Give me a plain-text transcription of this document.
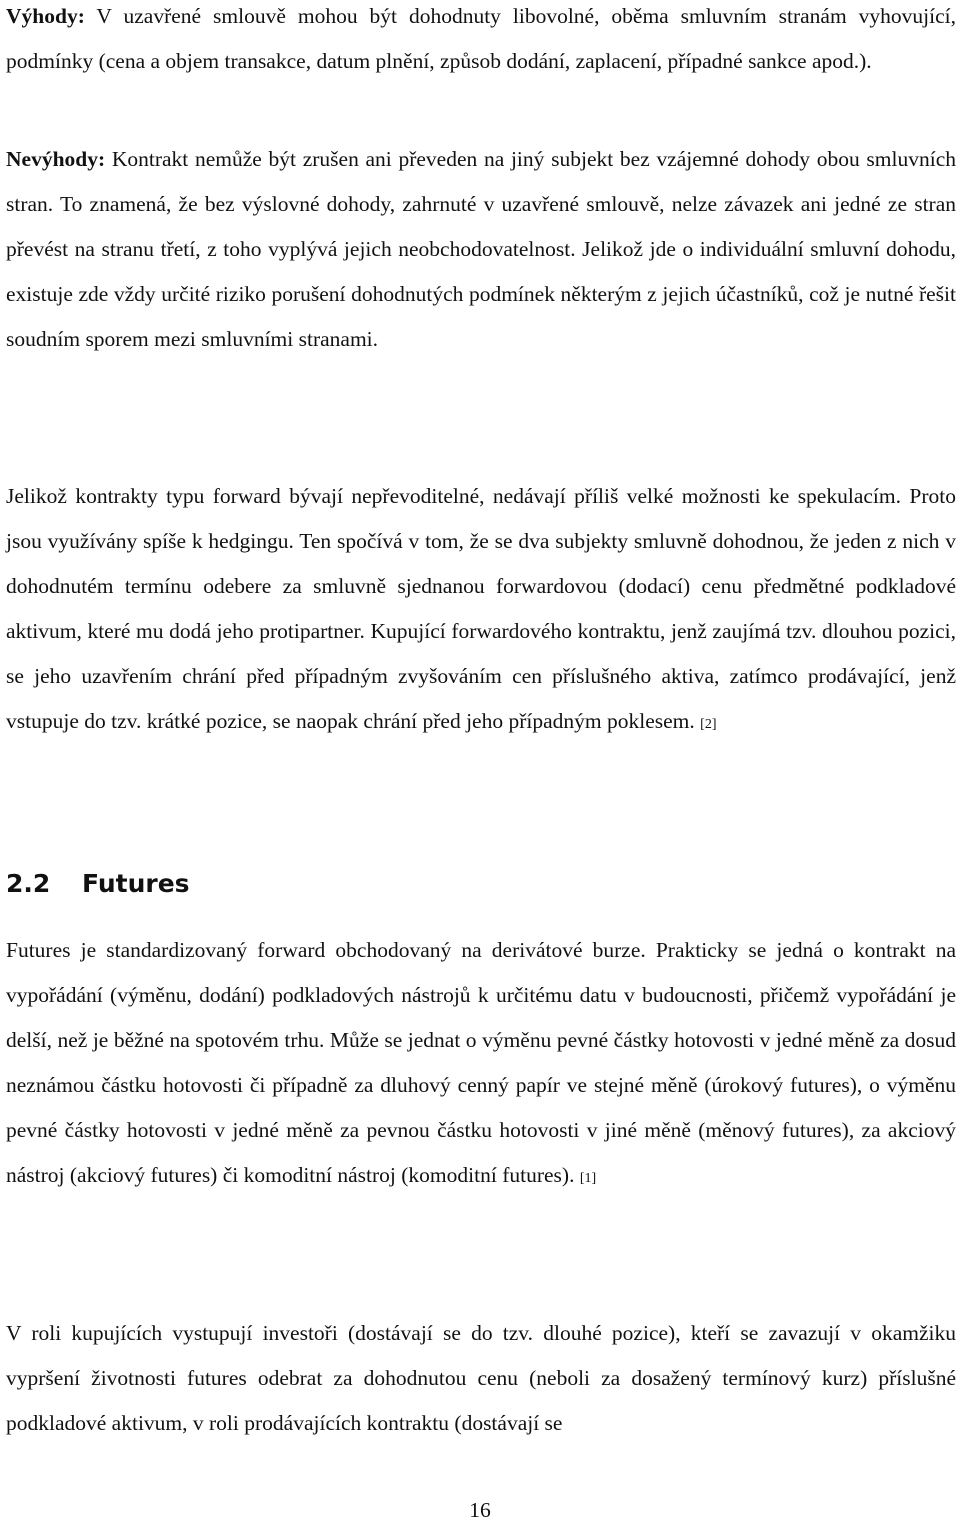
Výhody: V uzavřené smlouvě mohou být dohodnuty libovolné, oběma smluvním stranám vyhovující, podmínky (cena a objem transakce, datum plnění, způsob dodání, zaplacení, případné sankce apod.).

Nevýhody: Kontrakt nemůže být zrušen ani převeden na jiný subjekt bez vzájemné dohody obou smluvních stran. To znamená, že bez výslovné dohody, zahrnuté v uzavřené smlouvě, nelze závazek ani jedné ze stran převést na stranu třetí, z toho vyplývá jejich neobchodovatelnost. Jelikož jde o individuální smluvní dohodu, existuje zde vždy určité riziko porušení dohodnutých podmínek některým z jejich účastníků, což je nutné řešit soudním sporem mezi smluvními stranami.

Jelikož kontrakty typu forward bývají nepřevoditelné, nedávají příliš velké možnosti ke spekulacím. Proto jsou využívány spíše k hedgingu. Ten spočívá v tom, že se dva subjekty smluvně dohodnou, že jeden z nich v dohodnutém termínu odebere za smluvně sjednanou forwardovou (dodací) cenu předmětné podkladové aktivum, které mu dodá jeho protipartner. Kupující forwardového kontraktu, jenž zaujímá tzv. dlouhou pozici, se jeho uzavřením chrání před případným zvyšováním cen příslušného aktiva, zatímco prodávající, jenž vstupuje do tzv. krátké pozice, se naopak chrání před jeho případným poklesem. [2]

2.2 Futures

Futures je standardizovaný forward obchodovaný na derivátové burze. Prakticky se jedná o kontrakt na vypořádání (výměnu, dodání) podkladových nástrojů k určitému datu v budoucnosti, přičemž vypořádání je delší, než je běžné na spotovém trhu. Může se jednat o výměnu pevné částky hotovosti v jedné měně za dosud neznámou částku hotovosti či případně za dluhový cenný papír ve stejné měně (úrokový futures), o výměnu pevné částky hotovosti v jedné měně za pevnou částku hotovosti v jiné měně (měnový futures), za akciový nástroj (akciový futures) či komoditní nástroj (komoditní futures). [1]

V roli kupujících vystupují investoři (dostávají se do tzv. dlouhé pozice), kteří se zavazují v okamžiku vypršení životnosti futures odebrat za dohodnutou cenu (neboli za dosažený termínový kurz) příslušné podkladové aktivum, v roli prodávajících kontraktu (dostávají se

16
